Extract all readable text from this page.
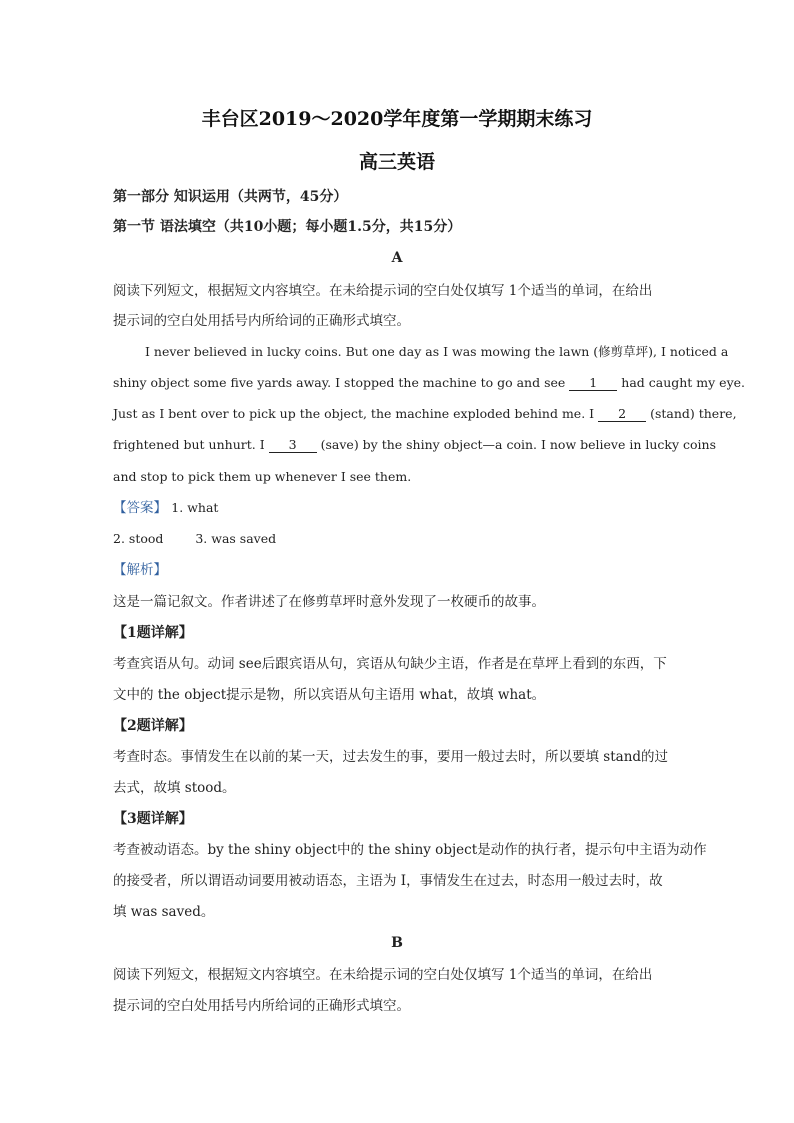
丰台区2019～2020学年度第一学期期末练习
高三英语
第一部分 知识运用（共两节，45分）
第一节 语法填空（共10小题；每小题1.5分，共15分）
A
阅读下列短文，根据短文内容填空。在未给提示词的空白处仅填写 1个适当的单词，在给出
提示词的空白处用括号内所给词的正确形式填空。
I never believed in lucky coins. But one day as I was mowing the lawn (修剪草坪), I noticed a
shiny object some five yards away. I stopped the machine to go and see 1 had caught my eye.
Just as I bent over to pick up the object, the machine exploded behind me. I 2 (stand) there,
frightened but unhurt. I 3 (save) by the shiny object—a coin. I now believe in lucky coins
and stop to pick them up whenever I see them.
【答案】 1. what
2. stood	3. was saved
【解析】
这是一篇记叙文。作者讲述了在修剪草坪时意外发现了一枚硬币的故事。
【1题详解】
考查宾语从句。动词 see后跟宾语从句，宾语从句缺少主语，作者是在草坪上看到的东西，下
文中的 the object提示是物，所以宾语从句主语用 what，故填 what。
【2题详解】
考查时态。事情发生在以前的某一天，过去发生的事，要用一般过去时，所以要填 stand的过
去式，故填 stood。
【3题详解】
考查被动语态。by the shiny object中的 the shiny object是动作的执行者，提示句中主语为动作
的接受者，所以谓语动词要用被动语态，主语为 I，事情发生在过去，时态用一般过去时，故
填 was saved。
B
阅读下列短文，根据短文内容填空。在未给提示词的空白处仅填写 1个适当的单词，在给出
提示词的空白处用括号内所给词的正确形式填空。
